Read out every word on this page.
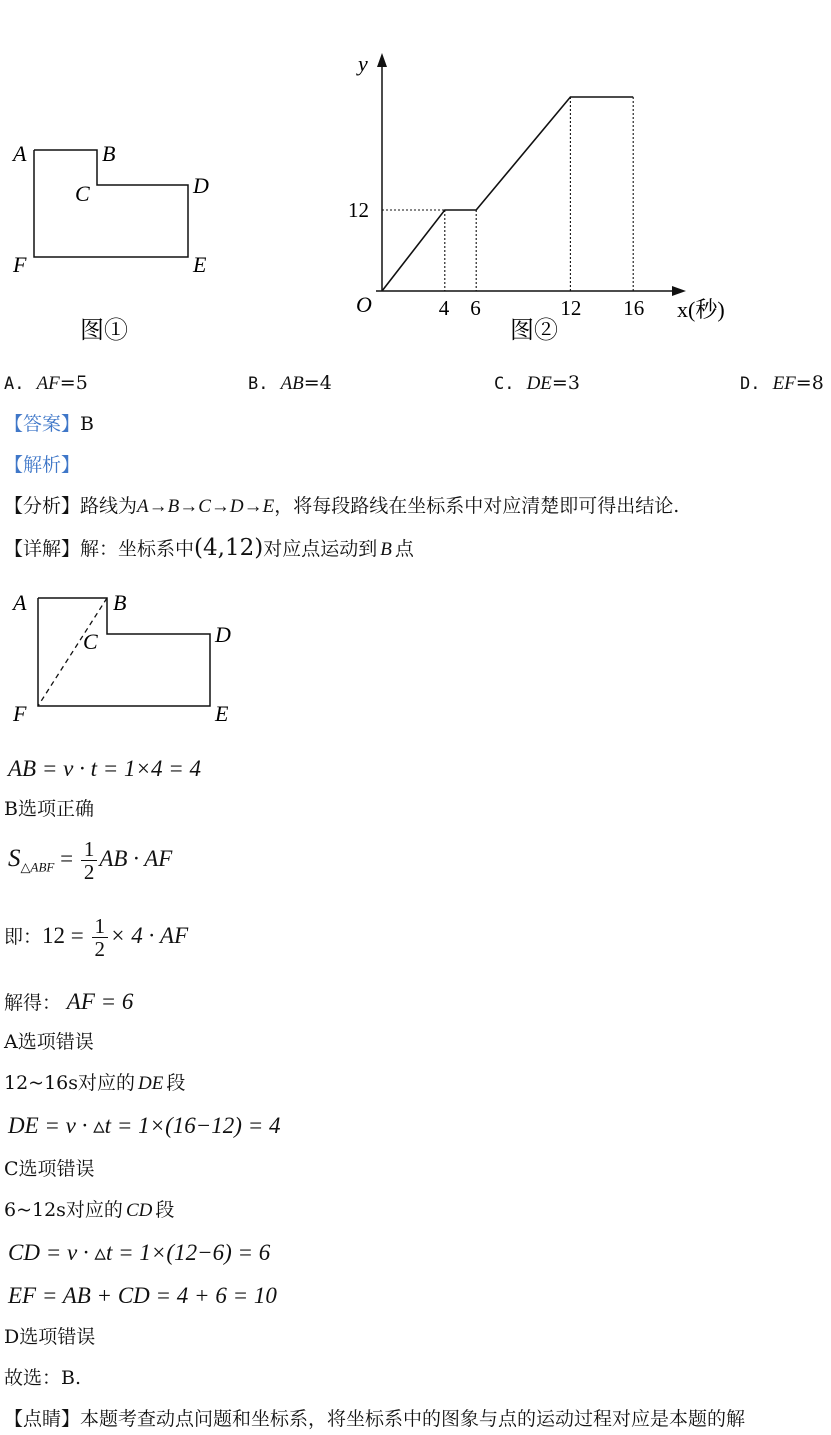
A	B
C	D
E
F
图①
y
x(秒)
O
12
4 6	12 16
图②
A. AF=5	B. AB=4	C. DE=3	D. EF=8
【答案】B
【解析】
【分析】路线为A→B→C→D→E，将每段路线在坐标系中对应清楚即可得出结论.
【详解】解：坐标系中(4,12)对应点运动到 B 点
A	B
C	D
E
F
AB = v · t = 1×4 = 4
B选项正确
$S_{\triangle ABF} = \frac{1}{2}$ AB · AF
即：$12 = \frac{1}{2} \times 4$ · AF
解得： AF = 6
A选项错误
12~16s对应的 DE 段
DE = v · ▵t = 1×(16−12) = 4
C选项错误
6~12s对应的 CD 段
CD = v · ▵t = 1×(12−6) = 6
EF = AB + CD = 4 + 6 = 10
D选项错误
故选：B.
【点睛】本题考查动点问题和坐标系，将坐标系中的图象与点的运动过程对应是本题的解
